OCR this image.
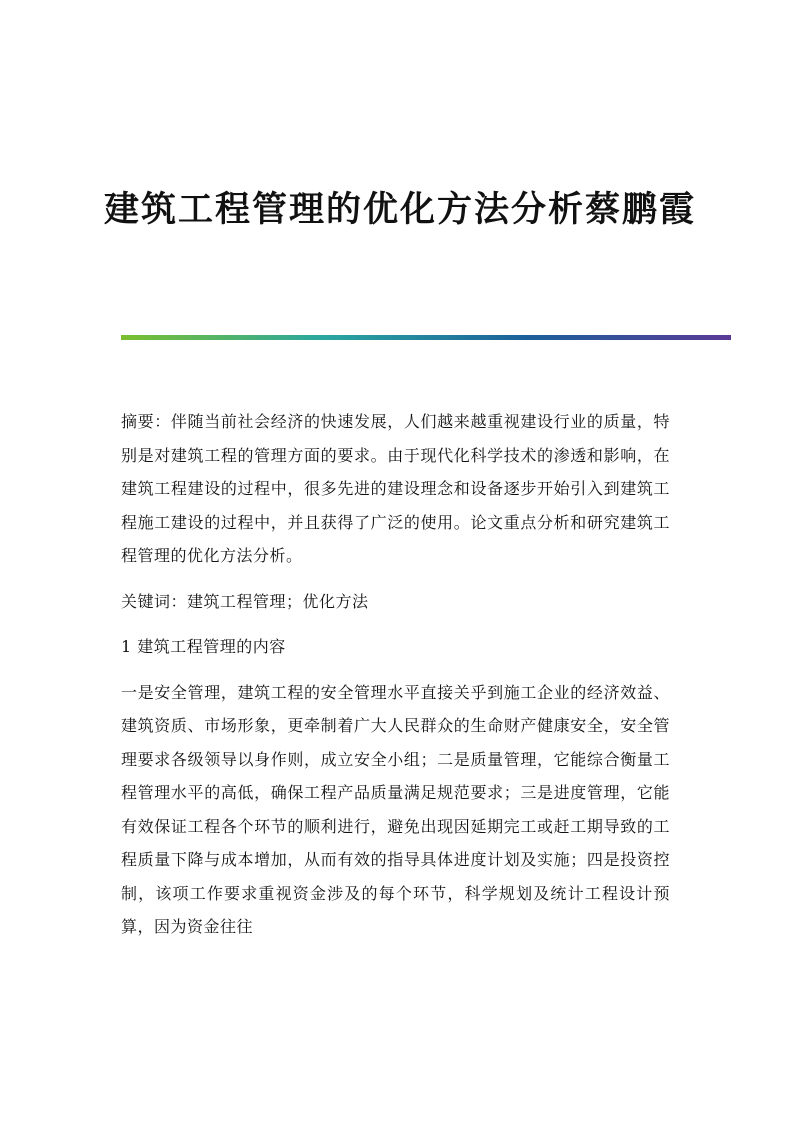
建筑工程管理的优化方法分析蔡鹏霞

摘要：伴随当前社会经济的快速发展，人们越来越重视建设行业的质量，特别是对建筑工程的管理方面的要求。由于现代化科学技术的渗透和影响，在建筑工程建设的过程中，很多先进的建设理念和设备逐步开始引入到建筑工程施工建设的过程中，并且获得了广泛的使用。论文重点分析和研究建筑工程管理的优化方法分析。

关键词：建筑工程管理；优化方法

1 建筑工程管理的内容

一是安全管理，建筑工程的安全管理水平直接关乎到施工企业的经济效益、建筑资质、市场形象，更牵制着广大人民群众的生命财产健康安全，安全管理要求各级领导以身作则，成立安全小组；二是质量管理，它能综合衡量工程管理水平的高低，确保工程产品质量满足规范要求；三是进度管理，它能有效保证工程各个环节的顺利进行，避免出现因延期完工或赶工期导致的工程质量下降与成本增加，从而有效的指导具体进度计划及实施；四是投资控制，该项工作要求重视资金涉及的每个环节，科学规划及统计工程设计预算，因为资金往往
